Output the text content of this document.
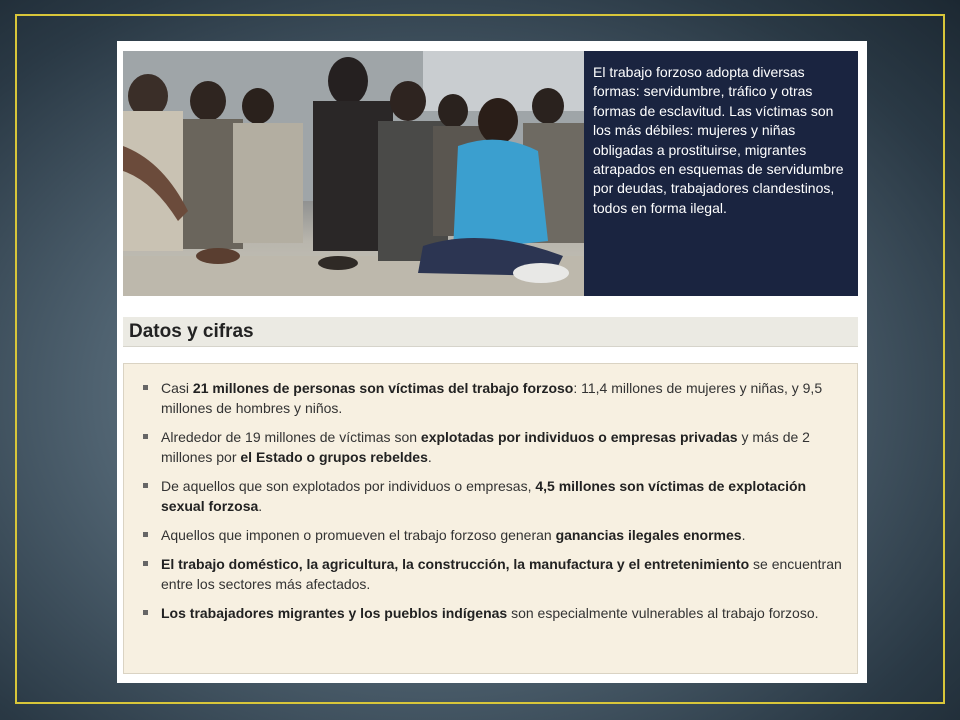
El trabajo forzoso adopta diversas formas: servidumbre, tráfico y otras formas de esclavitud. Las víctimas son los más débiles: mujeres y niñas obligadas a prostituirse, migrantes atrapados en esquemas de servidumbre por deudas, trabajadores clandestinos, todos en forma ilegal.
Datos y cifras
Casi 21 millones de personas son víctimas del trabajo forzoso: 11,4 millones de mujeres y niñas, y 9,5 millones de hombres y niños.
Alrededor de 19 millones de víctimas son explotadas por individuos o empresas privadas y más de 2 millones por el Estado o grupos rebeldes.
De aquellos que son explotados por individuos o empresas, 4,5 millones son víctimas de explotación sexual forzosa.
Aquellos que imponen o promueven el trabajo forzoso generan ganancias ilegales enormes.
El trabajo doméstico, la agricultura, la construcción, la manufactura y el entretenimiento se encuentran entre los sectores más afectados.
Los trabajadores migrantes y los pueblos indígenas son especialmente vulnerables al trabajo forzoso.
